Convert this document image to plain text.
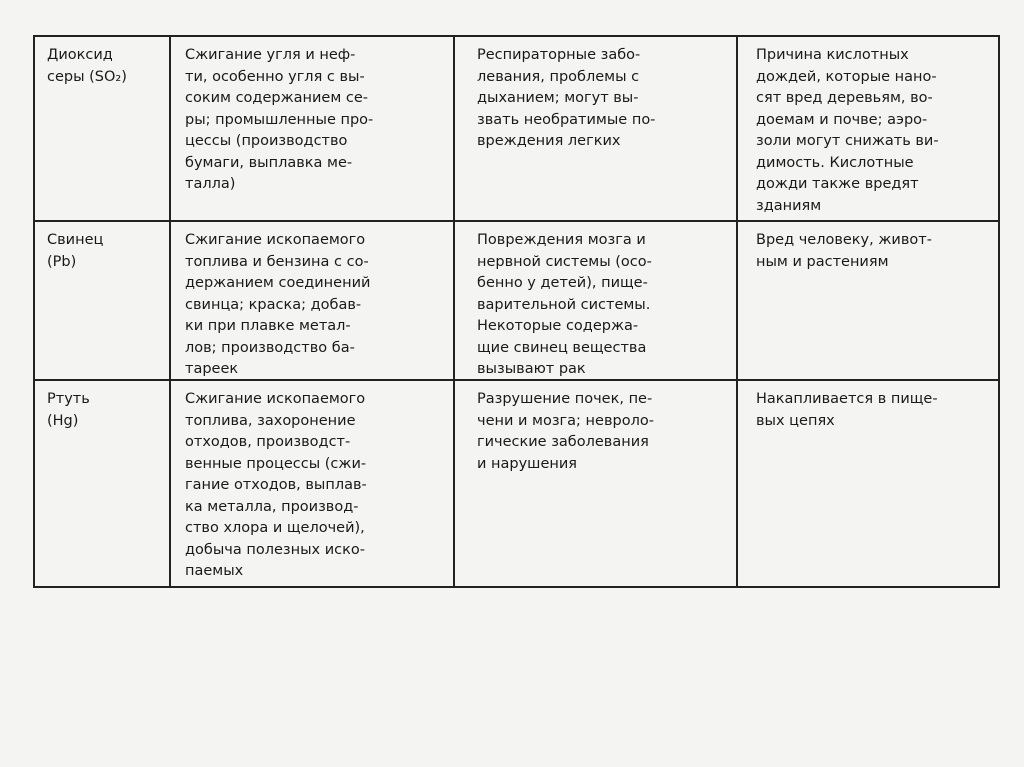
Диоксид
серы (SO₂)
Сжигание угля и неф-
ти, особенно угля с вы-
соким содержанием се-
ры; промышленные про-
цессы (производство
бумаги, выплавка ме-
талла)
Респираторные забо-
левания, проблемы с
дыханием; могут вы-
звать необратимые по-
вреждения легких
Причина кислотных
дождей, которые нано-
сят вред деревьям, во-
доемам и почве; аэро-
золи могут снижать ви-
димость. Кислотные
дожди также вредят
зданиям
Свинец
(Pb)
Сжигание ископаемого
топлива и бензина с со-
держанием соединений
свинца; краска; добав-
ки при плавке метал-
лов; производство ба-
тареек
Повреждения мозга и
нервной системы (осо-
бенно у детей), пище-
варительной системы.
Некоторые содержа-
щие свинец вещества
вызывают рак
Вред человеку, живот-
ным и растениям
Ртуть
(Hg)
Сжигание ископаемого
топлива, захоронение
отходов, производст-
венные процессы (сжи-
гание отходов, выплав-
ка металла, производ-
ство хлора и щелочей),
добыча полезных иско-
паемых
Разрушение почек, пе-
чени и мозга; невроло-
гические заболевания
и нарушения
Накапливается в пище-
вых цепях
